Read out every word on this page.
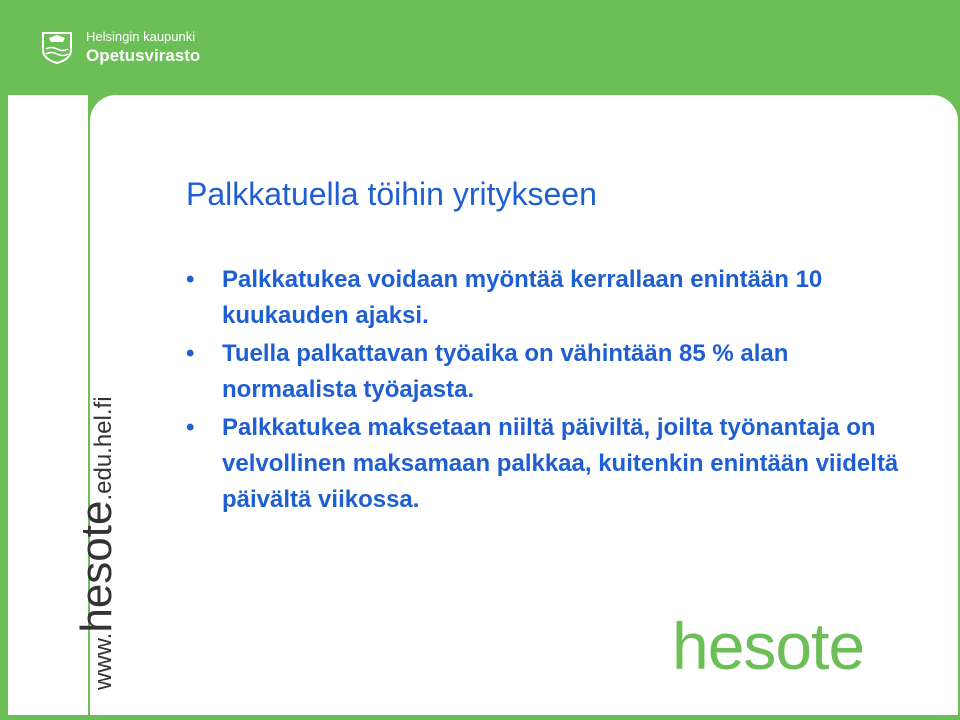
Helsingin kaupunki
Opetusvirasto
www.hesote.edu.hel.fi
Palkkatuella töihin yritykseen
• Palkkatukea voidaan myöntää kerrallaan enintään 10 kuukauden ajaksi.
• Tuella palkattavan työaika on vähintään 85 % alan normaalista työajasta.
• Palkkatukea maksetaan niiltä päiviltä, joilta työnantaja on velvollinen maksamaan palkkaa, kuitenkin enintään viideltä päivältä viikossa.
hesote
